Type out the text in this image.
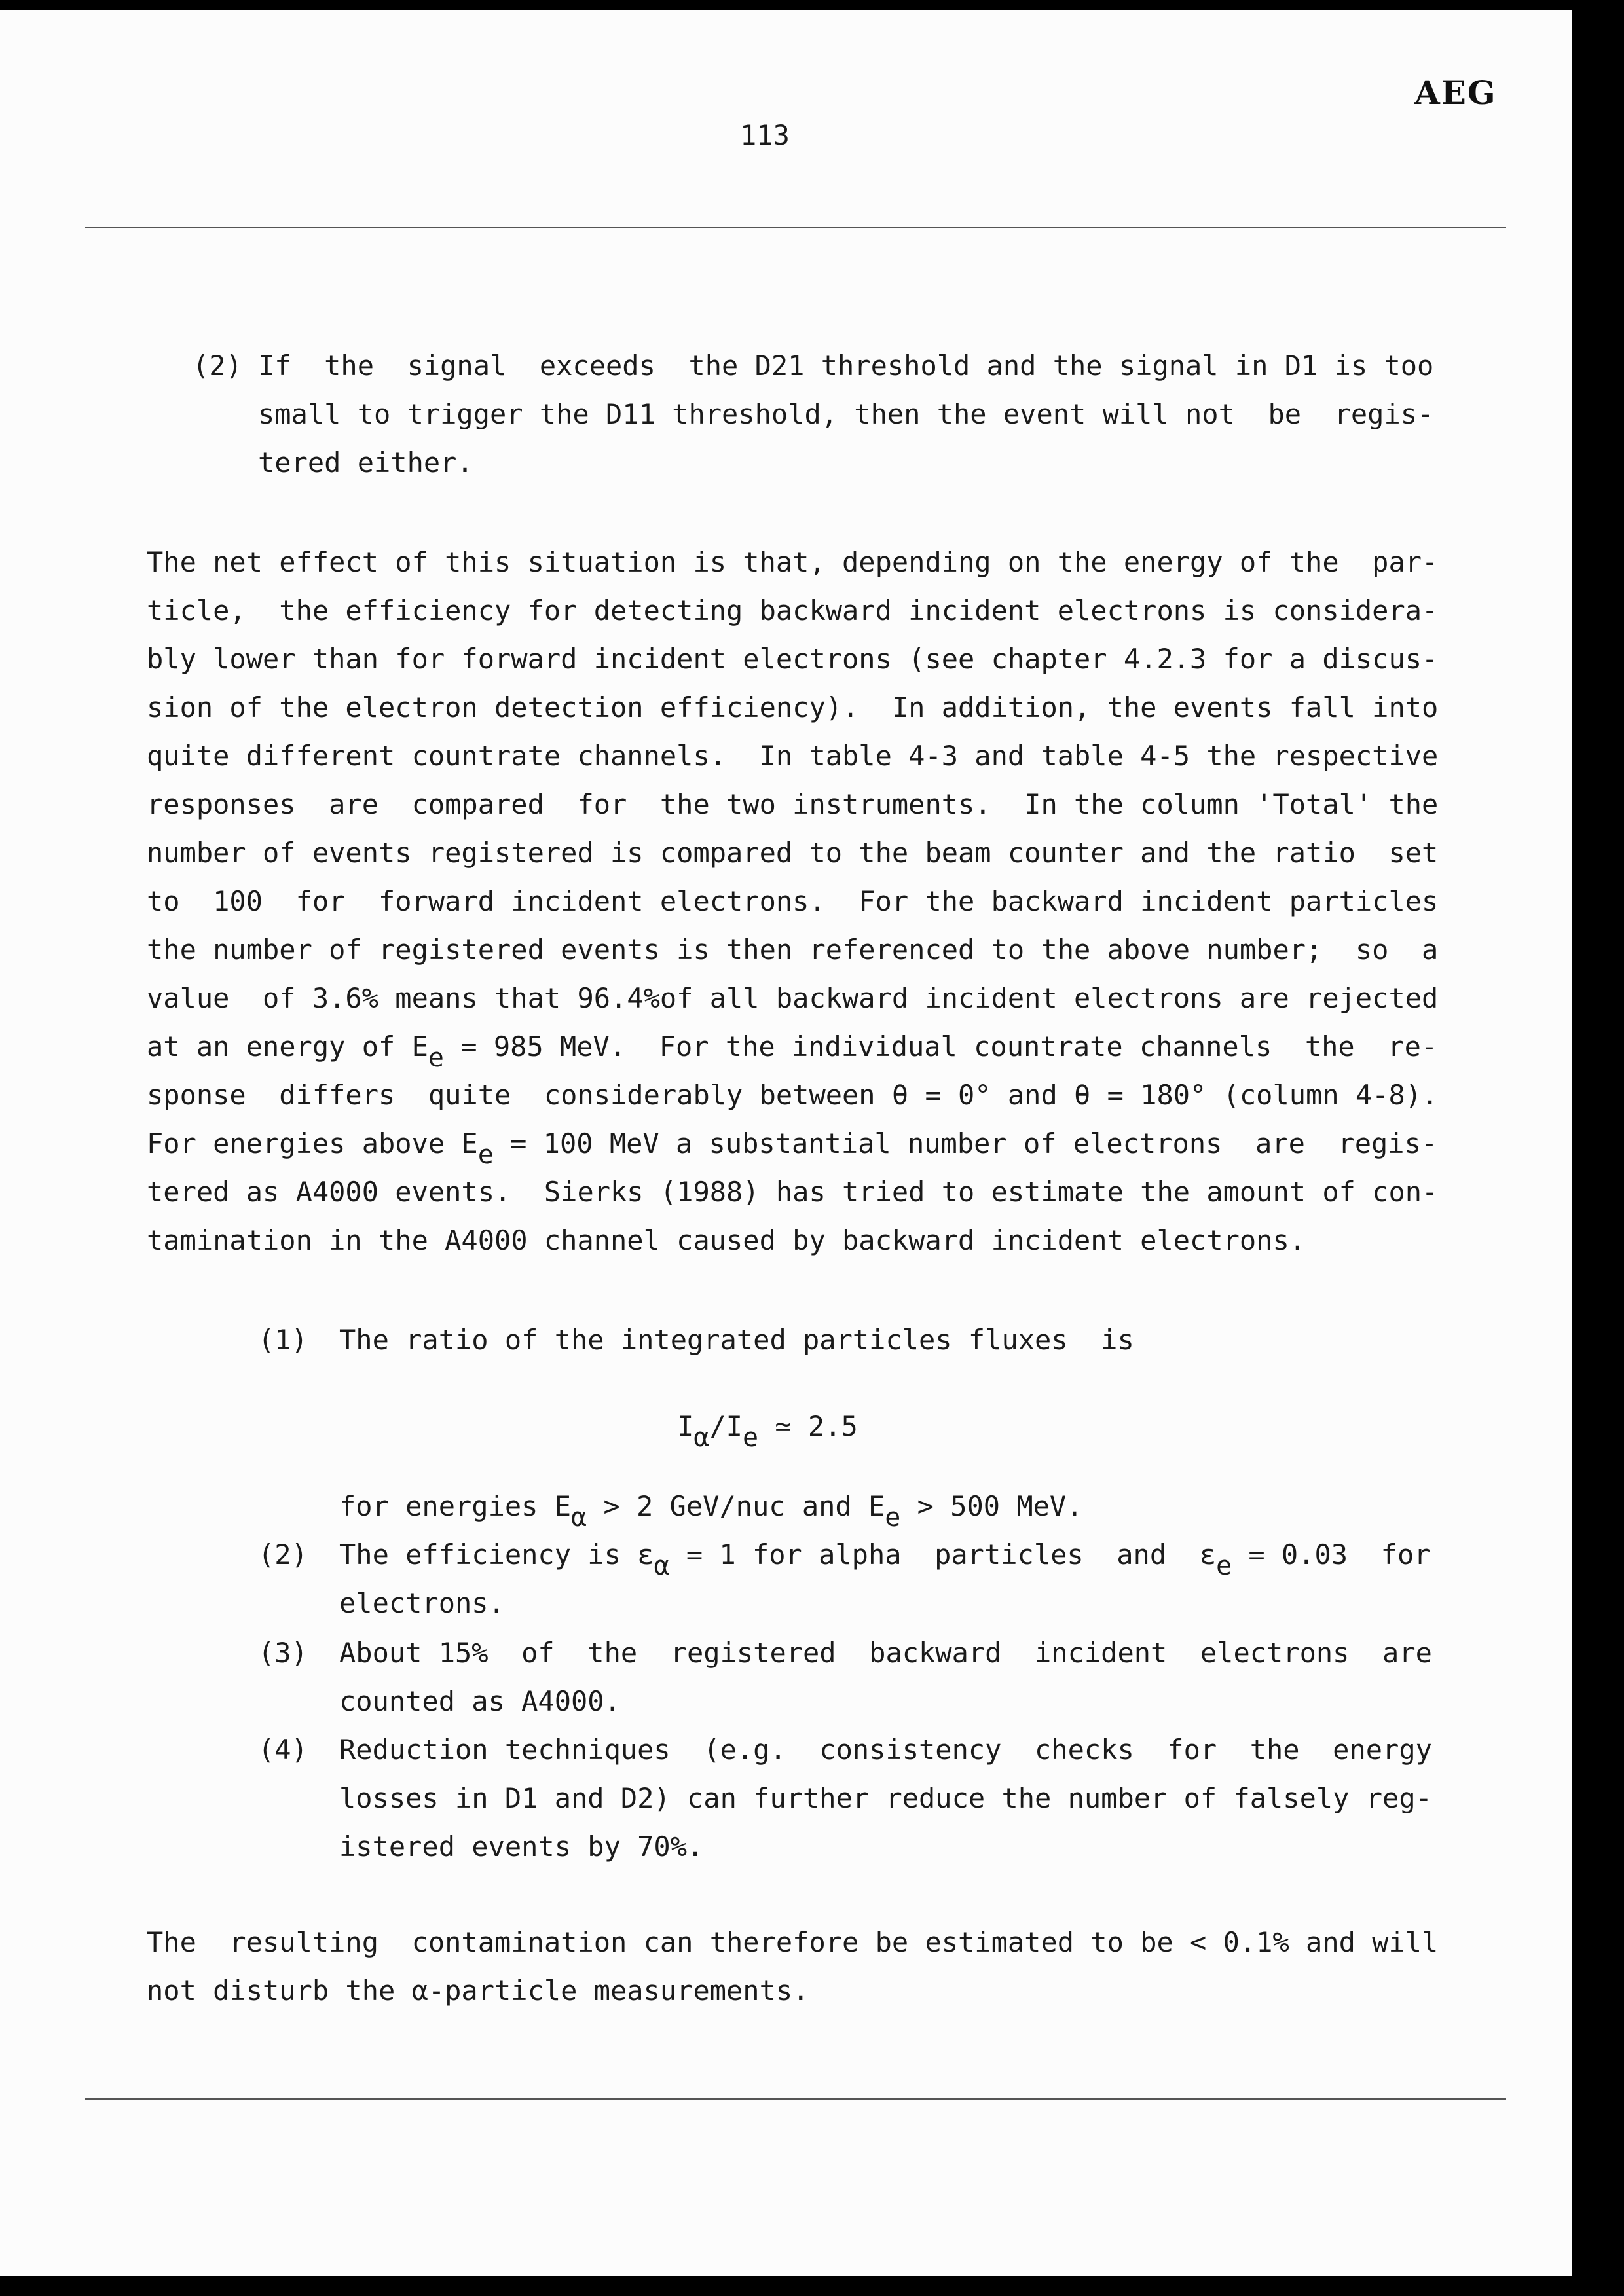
AEG
113
(2) If  the  signal  exceeds  the D21 threshold and the signal in D1 is too
small to trigger the D11 threshold, then the event will not  be  regis-
tered either.
The net effect of this situation is that, depending on the energy of the  par-
ticle,  the efficiency for detecting backward incident electrons is considera-
bly lower than for forward incident electrons (see chapter 4.2.3 for a discus-
sion of the electron detection efficiency).  In addition, the events fall into
quite different countrate channels.  In table 4-3 and table 4-5 the respective
responses  are  compared  for  the two instruments.  In the column 'Total' the
number of events registered is compared to the beam counter and the ratio  set
to  100  for  forward incident electrons.  For the backward incident particles
the number of registered events is then referenced to the above number;  so  a
value  of 3.6% means that 96.4%of all backward incident electrons are rejected
at an energy of $E_e = 985$ MeV.  For the individual countrate channels  the  re-
sponse  differs  quite  considerably between θ = 0° and θ = 180° (column 4-8).
For energies above $E_e = 100$ MeV a substantial number of electrons  are  regis-
tered as A4000 events.  Sierks (1988) has tried to estimate the amount of con-
tamination in the A4000 channel caused by backward incident electrons.
(1) The ratio of the integrated particles fluxes  is
$I_\alpha/I_e$ ≃ 2.5
for energies $E_\alpha > 2$ GeV/nuc and $E_e > 500$ MeV.
(2) The efficiency is $\varepsilon_\alpha = 1$ for alpha  particles  and  $\varepsilon_e = 0.03$  for
electrons.
(3) About 15%  of  the  registered  backward  incident  electrons  are
counted as A4000.
(4) Reduction techniques  (e.g.  consistency  checks  for  the  energy
losses in D1 and D2) can further reduce the number of falsely reg-
istered events by 70%.
The  resulting  contamination can therefore be estimated to be < 0.1% and will
not disturb the α-particle measurements.
